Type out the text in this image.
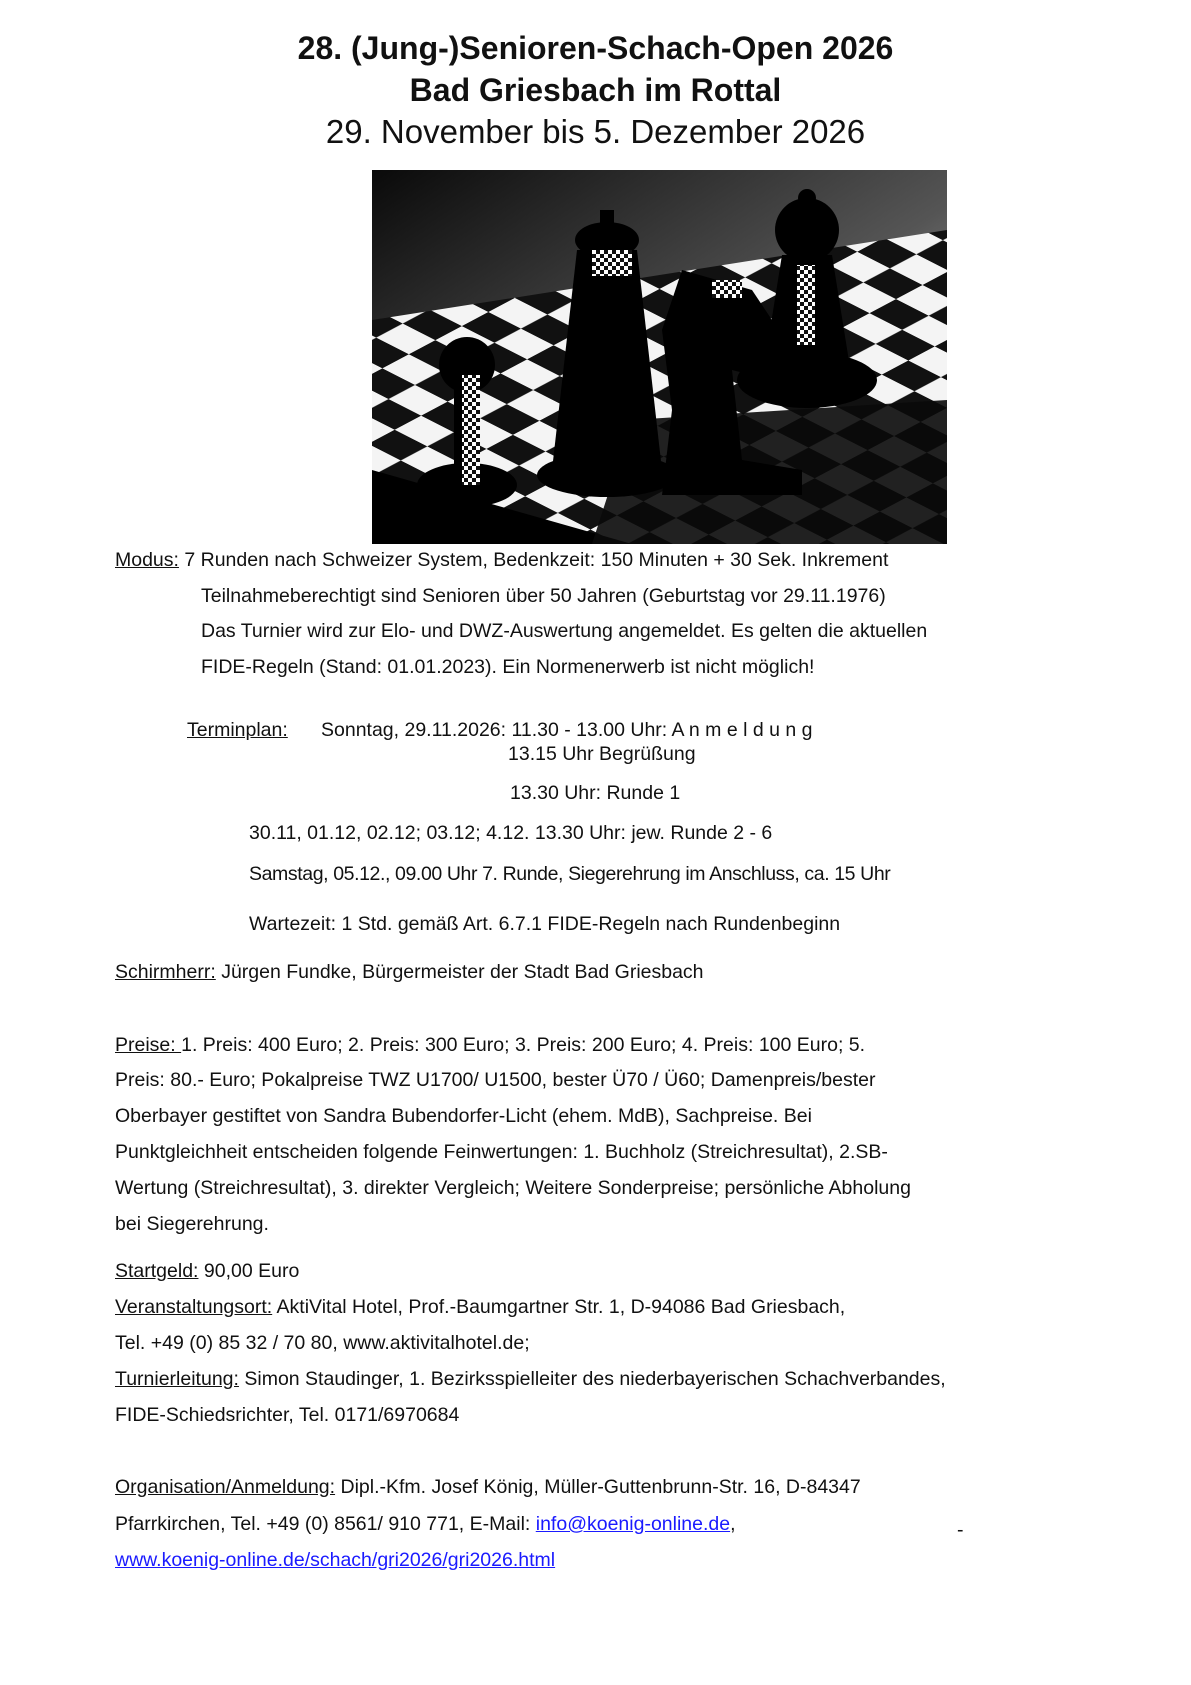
28. (Jung-)Senioren-Schach-Open 2026
Bad Griesbach im Rottal
29. November bis 5. Dezember 2026
Modus: 7 Runden nach Schweizer System, Bedenkzeit: 150 Minuten + 30 Sek. Inkrement
Teilnahmeberechtigt sind Senioren über 50 Jahren (Geburtstag vor 29.11.1976)
Das Turnier wird zur Elo- und DWZ-Auswertung angemeldet. Es gelten die aktuellen
FIDE-Regeln (Stand: 01.01.2023). Ein Normenerwerb ist nicht möglich!
Terminplan: Sonntag, 29.11.2026: 11.30 - 13.00 Uhr: A n m e l d u n g
13.15 Uhr Begrüßung
13.30 Uhr: Runde 1
30.11, 01.12, 02.12; 03.12; 4.12. 13.30 Uhr: jew. Runde 2 - 6
Samstag, 05.12., 09.00 Uhr 7. Runde, Siegerehrung im Anschluss, ca. 15 Uhr
Wartezeit: 1 Std. gemäß Art. 6.7.1 FIDE-Regeln nach Rundenbeginn
Schirmherr: Jürgen Fundke, Bürgermeister der Stadt Bad Griesbach
Preise: 1. Preis: 400 Euro; 2. Preis: 300 Euro; 3. Preis: 200 Euro; 4. Preis: 100 Euro; 5.
Preis: 80.- Euro; Pokalpreise TWZ U1700/ U1500, bester Ü70 / Ü60; Damenpreis/bester
Oberbayer gestiftet von Sandra Bubendorfer-Licht (ehem. MdB), Sachpreise. Bei
Punktgleichheit entscheiden folgende Feinwertungen: 1. Buchholz (Streichresultat), 2.SB-
Wertung (Streichresultat), 3. direkter Vergleich; Weitere Sonderpreise; persönliche Abholung
bei Siegerehrung.
Startgeld: 90,00 Euro
Veranstaltungsort: AktiVital Hotel, Prof.-Baumgartner Str. 1, D-94086 Bad Griesbach,
Tel. +49 (0) 85 32 / 70 80, www.aktivitalhotel.de;
Turnierleitung: Simon Staudinger, 1. Bezirksspielleiter des niederbayerischen Schachverbandes,
FIDE-Schiedsrichter, Tel. 0171/6970684
Organisation/Anmeldung: Dipl.-Kfm. Josef König, Müller-Guttenbrunn-Str. 16, D-84347
Pfarrkirchen, Tel. +49 (0) 8561/ 910 771, E-Mail: info@koenig-online.de,	-
www.koenig-online.de/schach/gri2026/gri2026.html
